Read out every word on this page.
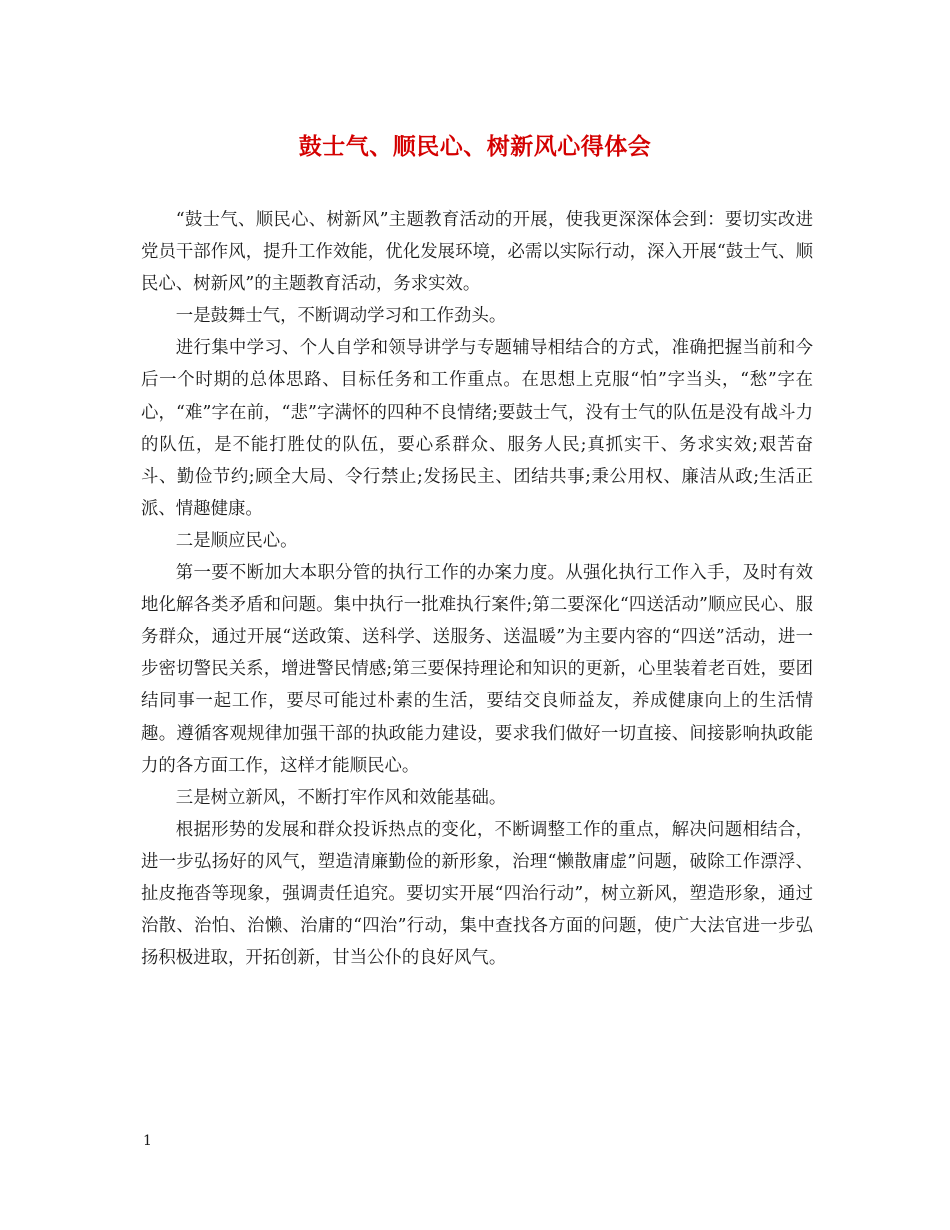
鼓士气、顺民心、树新风心得体会

“鼓士气、顺民心、树新风”主题教育活动的开展，使我更深深体会到：要切实改进党员干部作风，提升工作效能，优化发展环境，必需以实际行动，深入开展“鼓士气、顺民心、树新风”的主题教育活动，务求实效。

一是鼓舞士气，不断调动学习和工作劲头。

进行集中学习、个人自学和领导讲学与专题辅导相结合的方式，准确把握当前和今后一个时期的总体思路、目标任务和工作重点。在思想上克服“怕”字当头，“愁”字在心，“难”字在前，“悲”字满怀的四种不良情绪;要鼓士气，没有士气的队伍是没有战斗力的队伍，是不能打胜仗的队伍，要心系群众、服务人民;真抓实干、务求实效;艰苦奋斗、勤俭节约;顾全大局、令行禁止;发扬民主、团结共事;秉公用权、廉洁从政;生活正派、情趣健康。

二是顺应民心。

第一要不断加大本职分管的执行工作的办案力度。从强化执行工作入手，及时有效地化解各类矛盾和问题。集中执行一批难执行案件;第二要深化“四送活动”顺应民心、服务群众，通过开展“送政策、送科学、送服务、送温暖”为主要内容的“四送”活动，进一步密切警民关系，增进警民情感;第三要保持理论和知识的更新，心里装着老百姓，要团结同事一起工作，要尽可能过朴素的生活，要结交良师益友，养成健康向上的生活情趣。遵循客观规律加强干部的执政能力建设，要求我们做好一切直接、间接影响执政能力的各方面工作，这样才能顺民心。

三是树立新风，不断打牢作风和效能基础。

根据形势的发展和群众投诉热点的变化，不断调整工作的重点，解决问题相结合，进一步弘扬好的风气，塑造清廉勤俭的新形象，治理“懒散庸虚”问题，破除工作漂浮、扯皮拖沓等现象，强调责任追究。要切实开展“四治行动”，树立新风，塑造形象，通过治散、治怕、治懒、治庸的“四治”行动，集中查找各方面的问题，使广大法官进一步弘扬积极进取，开拓创新，甘当公仆的良好风气。

1
